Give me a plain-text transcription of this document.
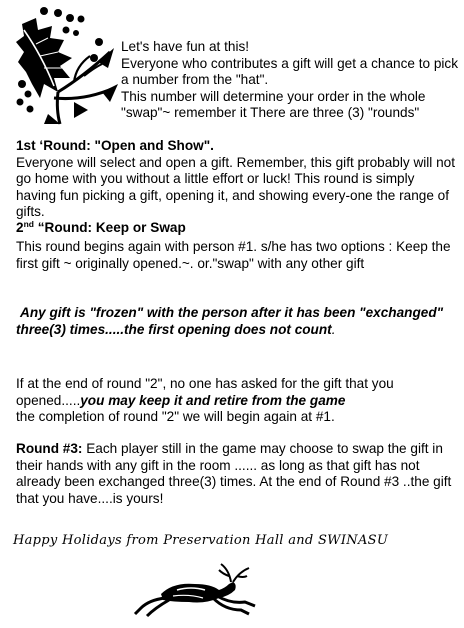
Let's have fun at this!

Everyone who contributes a gift will get a chance to pick a number from the "hat".

This number will determine your order in the whole "swap"~ remember it There are three (3) "rounds"

1st ‘Round: "Open and Show".

Everyone will select and open a gift. Remember, this gift probably will not go home with you without a little effort or luck! This round is simply having fun picking a gift, opening it, and showing every-one the range of gifts.

2nd “Round: Keep or Swap

This round begins again with person #1. s/he has two options : Keep the first gift ~ originally opened.~. or."swap" with any other gift

Any gift is "frozen" with the person after it has been "exchanged" three(3) times.....the first opening does not count.

If at the end of round "2", no one has asked for the gift that you opened.....you may keep it and retire from the game

the completion of round "2" we will begin again at #1.

Round #3: Each player still in the game may choose to swap the gift in their hands with any gift in the room ...... as long as that gift has not already been exchanged three(3) times. At the end of Round #3 ..the gift that you have....is yours!

Happy Holidays from Preservation Hall and SWINASU
